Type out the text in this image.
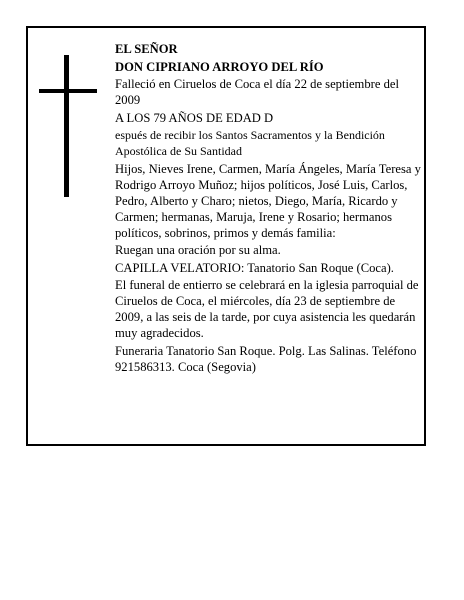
EL SEÑOR
DON CIPRIANO ARROYO DEL RÍO
Falleció en Ciruelos de Coca el día 22 de septiembre del 2009
A LOS 79 AÑOS DE EDAD D
espués de recibir los Santos Sacramentos y la Bendición Apostólica de Su Santidad
Hijos, Nieves Irene, Carmen, María Ángeles, María Teresa y Rodrigo Arroyo Muñoz; hijos políticos, José Luis, Carlos, Pedro, Alberto y Charo; nietos, Diego, María, Ricardo y Carmen; hermanas, Maruja, Irene y Rosario; hermanos políticos, sobrinos, primos y demás familia:
Ruegan una oración por su alma.
CAPILLA VELATORIO: Tanatorio San Roque (Coca).
El funeral de entierro se celebrará en la iglesia parroquial de Ciruelos de Coca, el miércoles, día 23 de septiembre de 2009, a las seis de la tarde, por cuya asistencia les quedarán muy agradecidos.
Funeraria Tanatorio San Roque. Polg. Las Salinas. Teléfono 921586313. Coca (Segovia)
